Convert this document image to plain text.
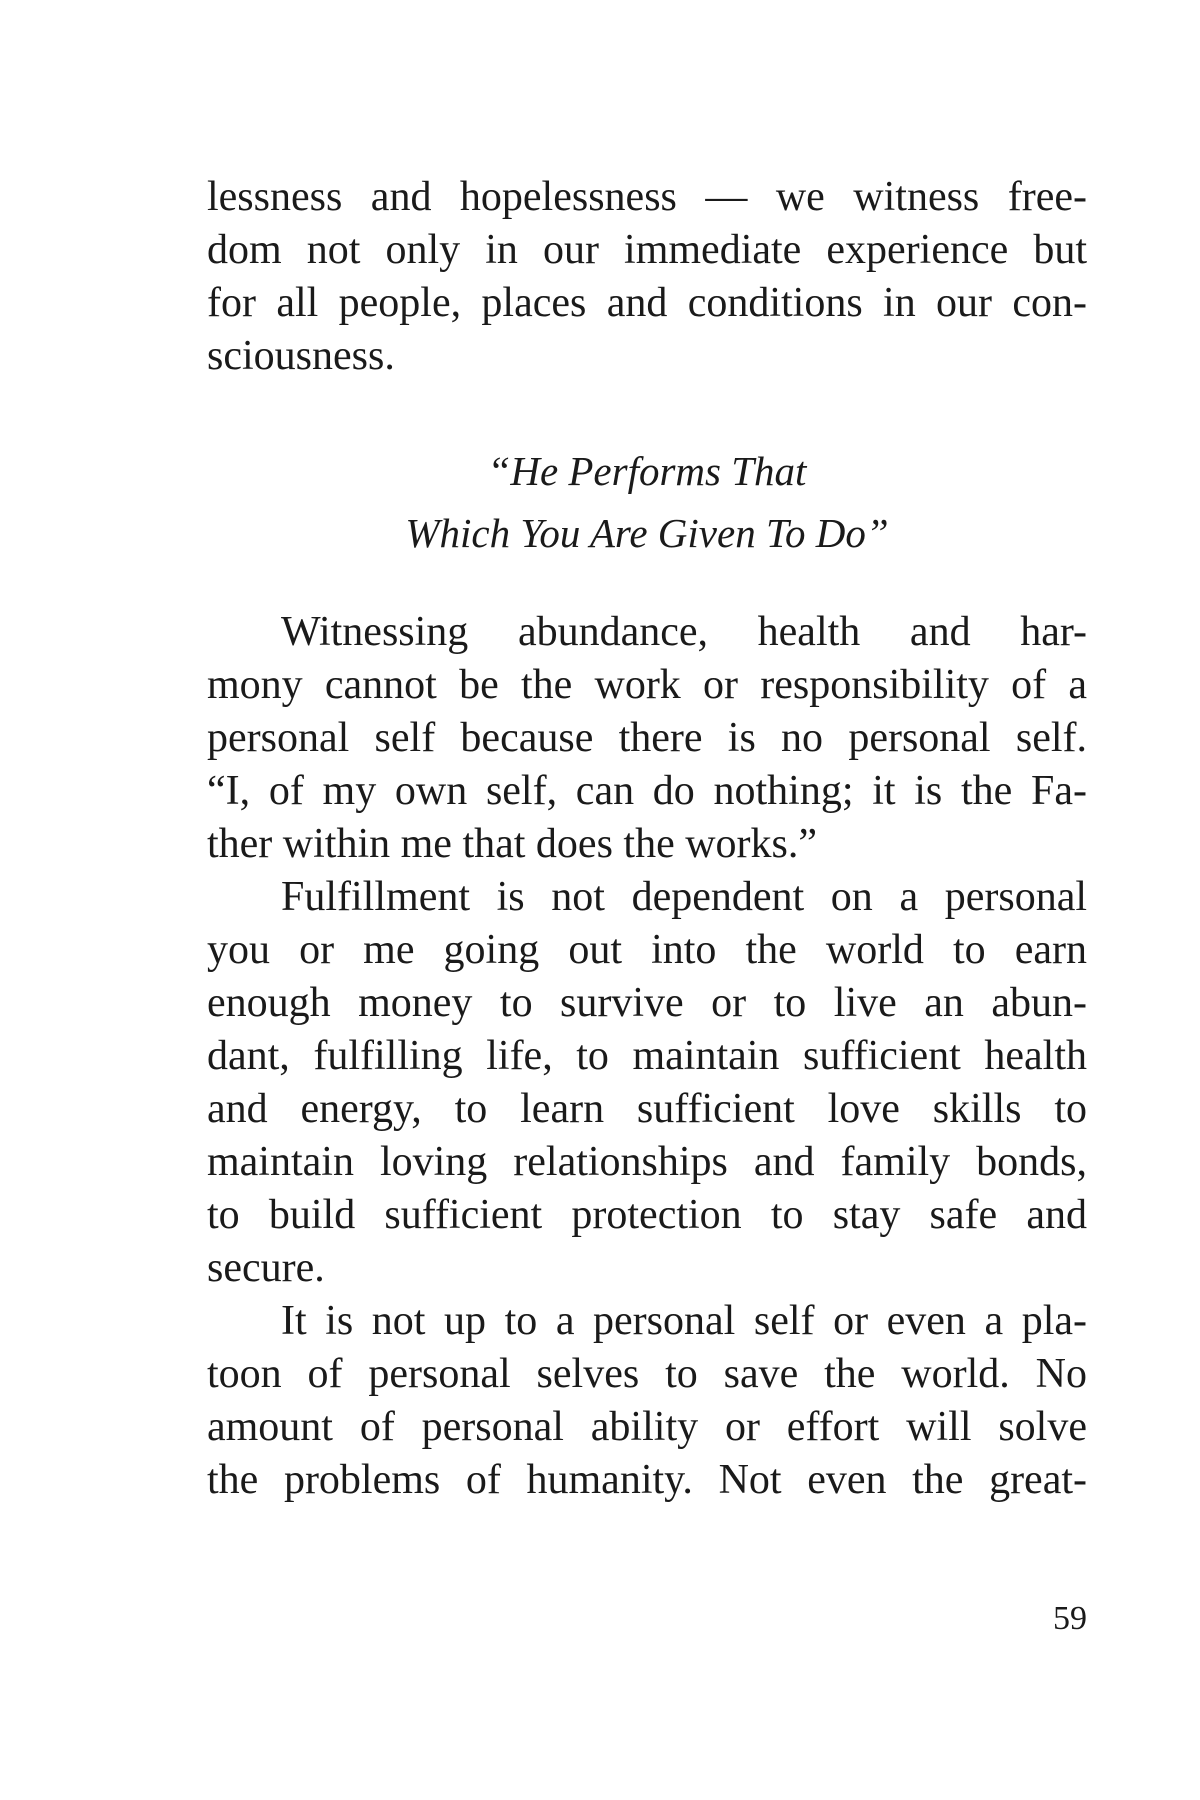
lessness and hopelessness — we witness free-
dom not only in our immediate experience but
for all people, places and conditions in our con-
sciousness.
“He Performs That
Which You Are Given To Do”
Witnessing abundance, health and har-
mony cannot be the work or responsibility of a
personal self because there is no personal self.
“I, of my own self, can do nothing; it is the Fa-
ther within me that does the works.”
Fulfillment is not dependent on a personal
you or me going out into the world to earn
enough money to survive or to live an abun-
dant, fulfilling life, to maintain sufficient health
and energy, to learn sufficient love skills to
maintain loving relationships and family bonds,
to build sufficient protection to stay safe and
secure.
It is not up to a personal self or even a pla-
toon of personal selves to save the world. No
amount of personal ability or effort will solve
the problems of humanity. Not even the great-
59
